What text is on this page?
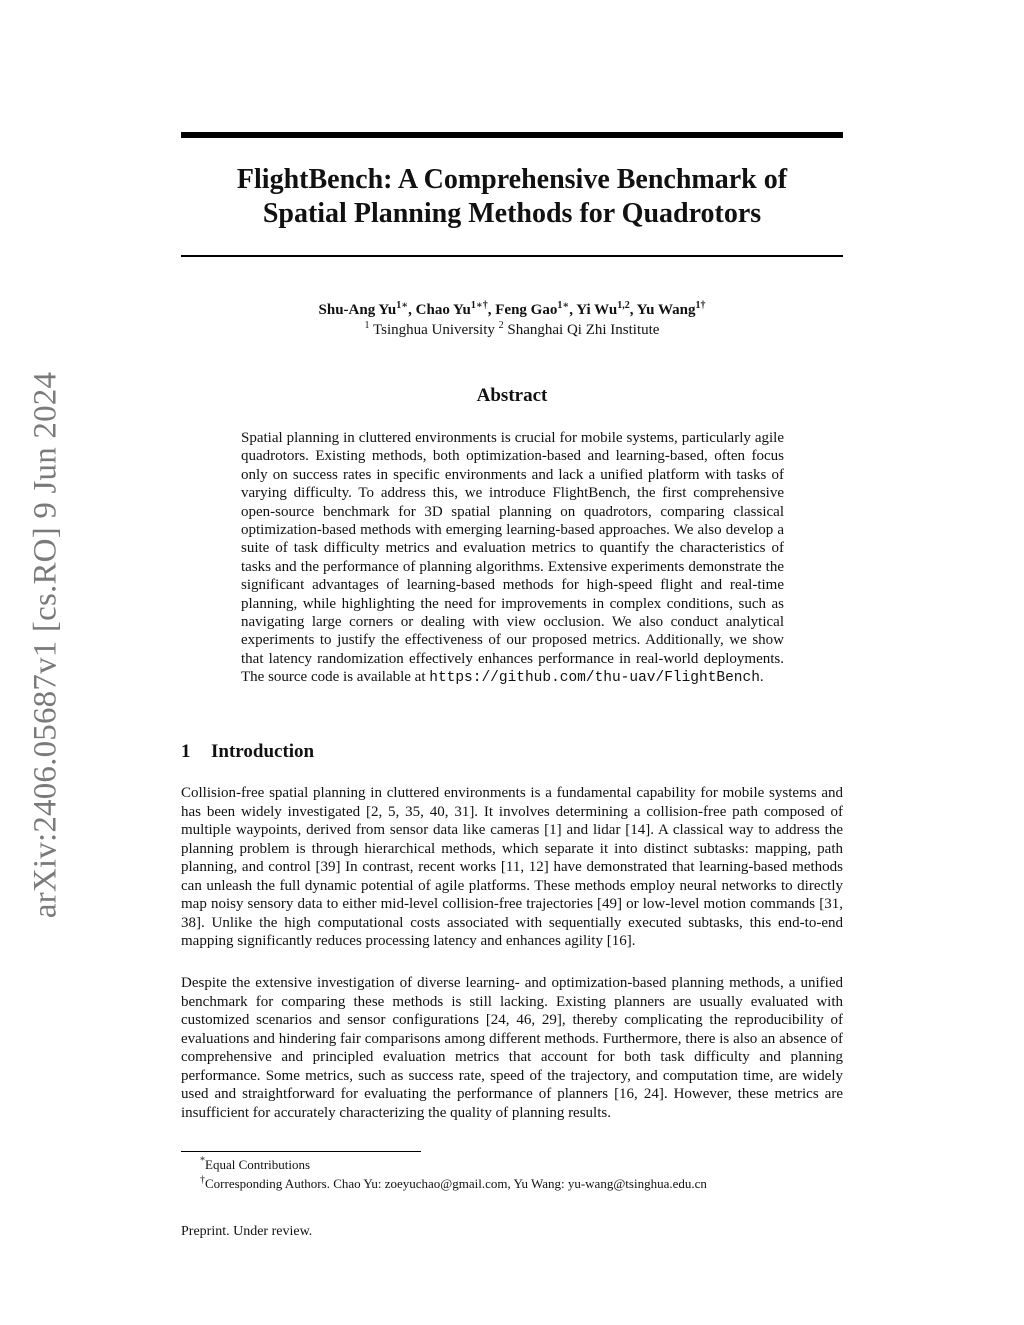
arXiv:2406.05687v1 [cs.RO] 9 Jun 2024
FlightBench: A Comprehensive Benchmark of
Spatial Planning Methods for Quadrotors
Shu-Ang $Yu^{1∗}$, Chao $Yu^{1∗\dagger}$, Feng Gao$^{1∗}$, Yi Wu$^{1,2}$, Yu Wang$^{1\dagger}$
$^1$ Tsinghua University $^2$ Shanghai Qi Zhi Institute
Abstract
Spatial planning in cluttered environments is crucial for mobile systems, particularly agile quadrotors. Existing methods, both optimization-based and learning-based, often focus only on success rates in specific environments and lack a unified platform with tasks of varying difficulty. To address this, we introduce FlightBench, the first comprehensive open-source benchmark for 3D spatial planning on quadrotors, comparing classical optimization-based methods with emerging learning-based approaches. We also develop a suite of task difficulty metrics and evaluation metrics to quantify the characteristics of tasks and the performance of planning algorithms. Extensive experiments demonstrate the significant advantages of learning-based methods for high-speed flight and real-time planning, while highlighting the need for improvements in complex conditions, such as navigating large corners or dealing with view occlusion. We also conduct analytical experiments to justify the effectiveness of our proposed metrics. Additionally, we show that latency randomization effectively enhances performance in real-world deployments. The source code is available at https://github.com/thu-uav/FlightBench.
1 Introduction

Collision-free spatial planning in cluttered environments is a fundamental capability for mobile systems and has been widely investigated [2, 5, 35, 40, 31]. It involves determining a collision-free path composed of multiple waypoints, derived from sensor data like cameras [1] and lidar [14]. A classical way to address the planning problem is through hierarchical methods, which separate it into distinct subtasks: mapping, path planning, and control [39] In contrast, recent works [11, 12] have demonstrated that learning-based methods can unleash the full dynamic potential of agile platforms. These methods employ neural networks to directly map noisy sensory data to either mid-level collision-free trajectories [49] or low-level motion commands [31, 38]. Unlike the high computational costs associated with sequentially executed subtasks, this end-to-end mapping significantly reduces processing latency and enhances agility [16].

Despite the extensive investigation of diverse learning- and optimization-based planning methods, a unified benchmark for comparing these methods is still lacking. Existing planners are usually evaluated with customized scenarios and sensor configurations [24, 46, 29], thereby complicating the reproducibility of evaluations and hindering fair comparisons among different methods. Furthermore, there is also an absence of comprehensive and principled evaluation metrics that account for both task difficulty and planning performance. Some metrics, such as success rate, speed of the trajectory, and computation time, are widely used and straightforward for evaluating the performance of planners [16, 24]. However, these metrics are insufficient for accurately characterizing the quality of planning results.

*Equal Contributions
†Corresponding Authors. Chao Yu: zoeyuchao@gmail.com, Yu Wang: yu-wang@tsinghua.edu.cn
Preprint. Under review.
